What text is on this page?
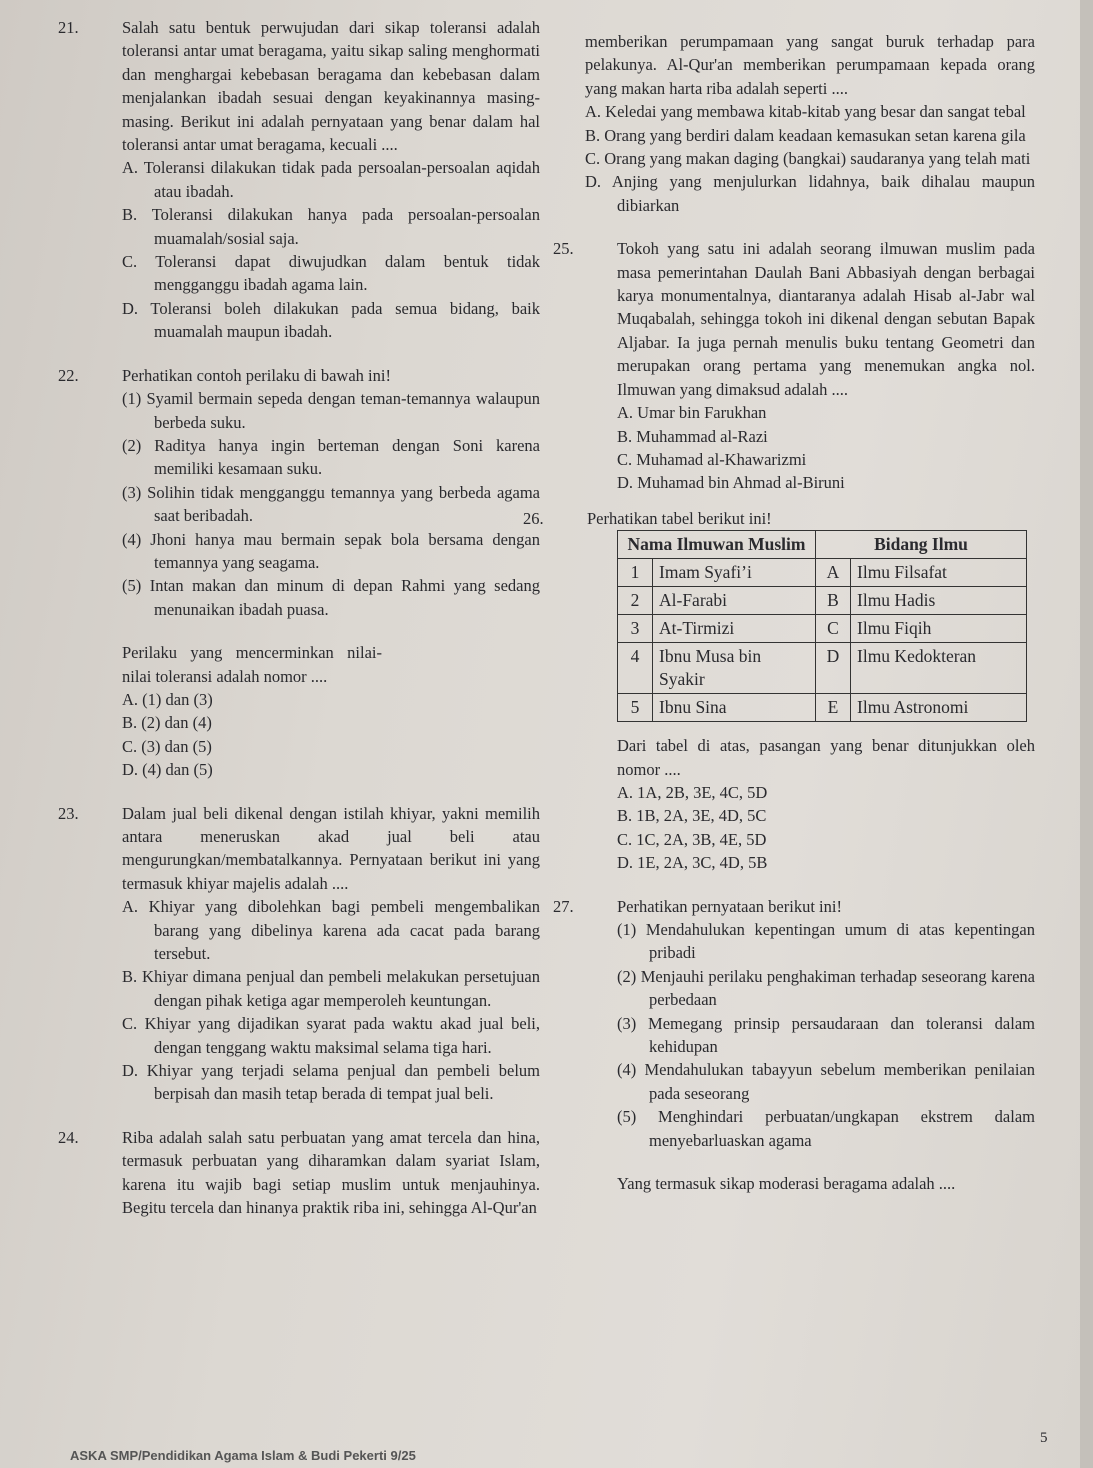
21.	Salah satu bentuk perwujudan dari sikap toleransi adalah toleransi antar umat beragama, yaitu sikap saling menghormati dan menghargai kebebasan beragama dan kebebasan dalam menjalankan ibadah sesuai dengan keyakinannya masing-masing. Berikut ini adalah pernyataan yang benar dalam hal toleransi antar umat beragama, kecuali ....

A. Toleransi dilakukan tidak pada persoalan-persoalan aqidah atau ibadah.

B. Toleransi dilakukan hanya pada persoalan-persoalan muamalah/sosial saja.

C. Toleransi dapat diwujudkan dalam bentuk tidak mengganggu ibadah agama lain.

D. Toleransi boleh dilakukan pada semua bidang, baik muamalah maupun ibadah.

22.	Perhatikan contoh perilaku di bawah ini!

(1) Syamil bermain sepeda dengan teman-temannya walaupun berbeda suku.

(2) Raditya hanya ingin berteman dengan Soni karena memiliki kesamaan suku.

(3) Solihin tidak mengganggu temannya yang berbeda agama saat beribadah.

(4) Jhoni hanya mau bermain sepak bola bersama dengan temannya yang seagama.

(5) Intan makan dan minum di depan Rahmi yang sedang menunaikan ibadah puasa.

Perilaku yang mencerminkan nilai-nilai toleransi adalah nomor ....

A. (1) dan (3)

B. (2) dan (4)

C. (3) dan (5)

D. (4) dan (5)

23.	Dalam jual beli dikenal dengan istilah khiyar, yakni memilih antara meneruskan akad jual beli atau mengurungkan/membatalkannya. Pernyataan berikut ini yang termasuk khiyar majelis adalah ....

A. Khiyar yang dibolehkan bagi pembeli mengembalikan barang yang dibelinya karena ada cacat pada barang tersebut.

B. Khiyar dimana penjual dan pembeli melakukan persetujuan dengan pihak ketiga agar memperoleh keuntungan.

C. Khiyar yang dijadikan syarat pada waktu akad jual beli, dengan tenggang waktu maksimal selama tiga hari.

D. Khiyar yang terjadi selama penjual dan pembeli belum berpisah dan masih tetap berada di tempat jual beli.

24.	Riba adalah salah satu perbuatan yang amat tercela dan hina, termasuk perbuatan yang diharamkan dalam syariat Islam, karena itu wajib bagi setiap muslim untuk menjauhinya. Begitu tercela dan hinanya praktik riba ini, sehingga Al-Qur'an

memberikan perumpamaan yang sangat buruk terhadap para pelakunya. Al-Qur'an memberikan perumpamaan kepada orang yang makan harta riba adalah seperti ....

A. Keledai yang membawa kitab-kitab yang besar dan sangat tebal

B. Orang yang berdiri dalam keadaan kemasukan setan karena gila

C. Orang yang makan daging (bangkai) saudaranya yang telah mati

D. Anjing yang menjulurkan lidahnya, baik dihalau maupun dibiarkan

25.	Tokoh yang satu ini adalah seorang ilmuwan muslim pada masa pemerintahan Daulah Bani Abbasiyah dengan berbagai karya monumentalnya, diantaranya adalah Hisab al-Jabr wal Muqabalah, sehingga tokoh ini dikenal dengan sebutan Bapak Aljabar. Ia juga pernah menulis buku tentang Geometri dan merupakan orang pertama yang menemukan angka nol. Ilmuwan yang dimaksud adalah ....

A. Umar bin Farukhan

B. Muhammad al-Razi

C. Muhamad al-Khawarizmi

D. Muhamad bin Ahmad al-Biruni

26.	Perhatikan tabel berikut ini!

Nama Ilmuwan Muslim		Bidang Ilmu	
1	Imam Syafi’i	A	Ilmu Filsafat
2	Al-Farabi	B	Ilmu Hadis
3	At-Tirmizi	C	Ilmu Fiqih
4	Ibnu Musa bin Syakir	D	Ilmu Kedokteran
5	Ibnu Sina	E	Ilmu Astronomi

Dari tabel di atas, pasangan yang benar ditunjukkan oleh nomor ....

A. 1A, 2B, 3E, 4C, 5D

B. 1B, 2A, 3E, 4D, 5C

C. 1C, 2A, 3B, 4E, 5D

D. 1E, 2A, 3C, 4D, 5B

27.	Perhatikan pernyataan berikut ini!

(1) Mendahulukan kepentingan umum di atas kepentingan pribadi

(2) Menjauhi perilaku penghakiman terhadap seseorang karena perbedaan

(3) Memegang prinsip persaudaraan dan toleransi dalam kehidupan

(4) Mendahulukan tabayyun sebelum memberikan penilaian pada seseorang

(5) Menghindari perbuatan/ungkapan ekstrem dalam menyebarluaskan agama

Yang termasuk sikap moderasi beragama adalah ....

5
ASKA SMP/Pendidikan Agama Islam & Budi Pekerti 9/25
